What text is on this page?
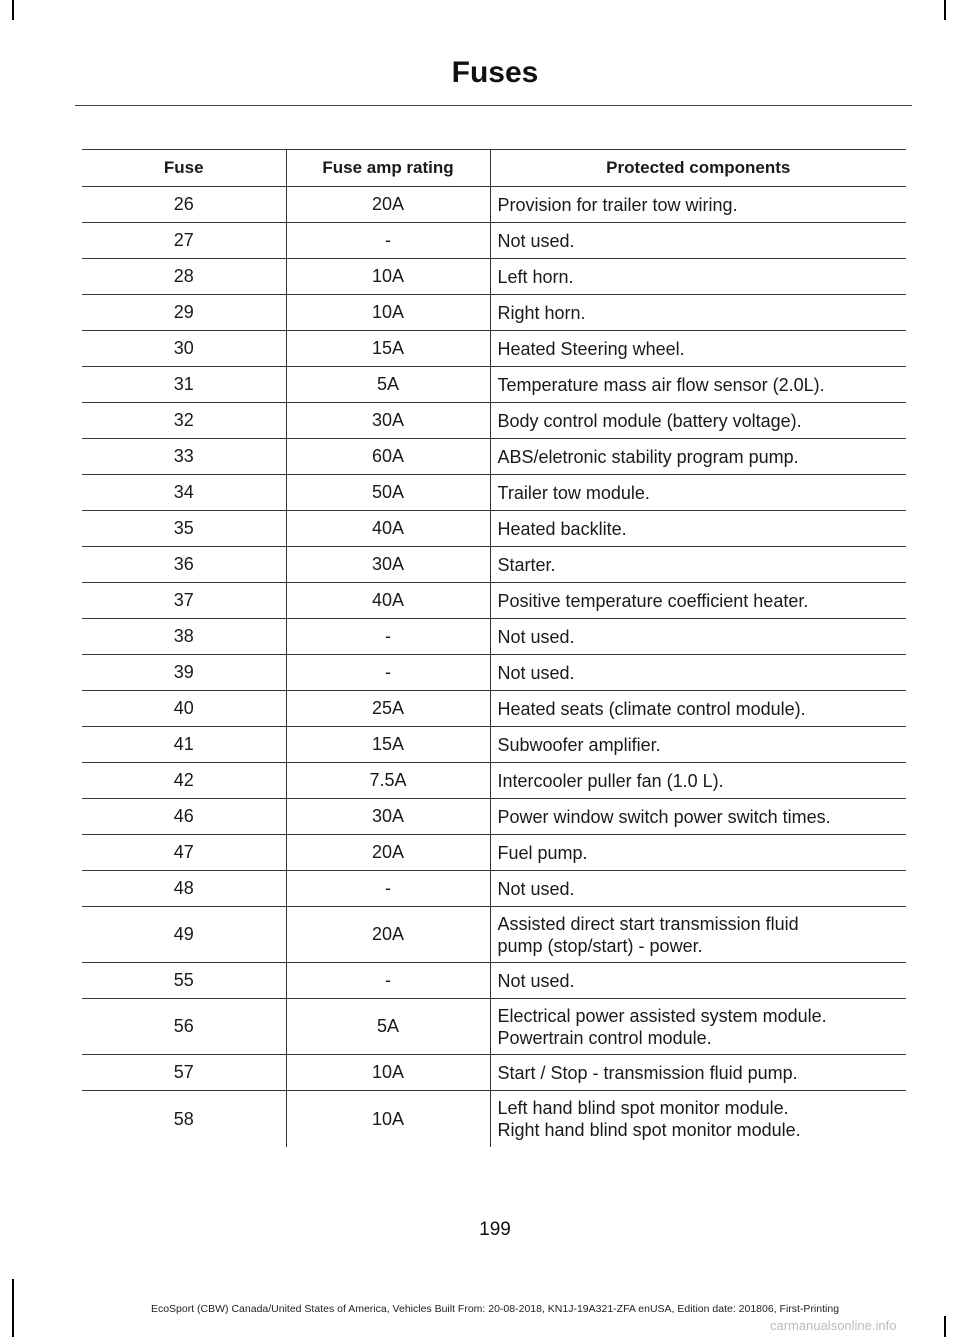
Fuses
Fuse	Fuse amp rating	Protected components
26	20A	Provision for trailer tow wiring.

27	-	Not used.

28	10A	Left horn.

29	10A	Right horn.

30	15A	Heated Steering wheel.

31	5A	Temperature mass air flow sensor (2.0L).

32	30A	Body control module (battery voltage).

33	60A	ABS/eletronic stability program pump.

34	50A	Trailer tow module.

35	40A	Heated backlite.

36	30A	Starter.

37	40A	Positive temperature coefficient heater.

38	-	Not used.

39	-	Not used.

40	25A	Heated seats (climate control module).

41	15A	Subwoofer amplifier.

42	7.5A	Intercooler puller fan (1.0 L).

46	30A	Power window switch power switch times.

47	20A	Fuel pump.

48	-	Not used.

49	20A	Assisted direct start transmission fluid
pump (stop/start) - power.

55	-	Not used.

56	5A	Electrical power assisted system module.
Powertrain control module.

57	10A	Start / Stop - transmission fluid pump.

58	10A	Left hand blind spot monitor module.
Right hand blind spot monitor module.
199
EcoSport (CBW) Canada/United States of America, Vehicles Built From: 20-08-2018, KN1J-19A321-ZFA enUSA, Edition date: 201806, First-Printing
carmanualsonline.info
